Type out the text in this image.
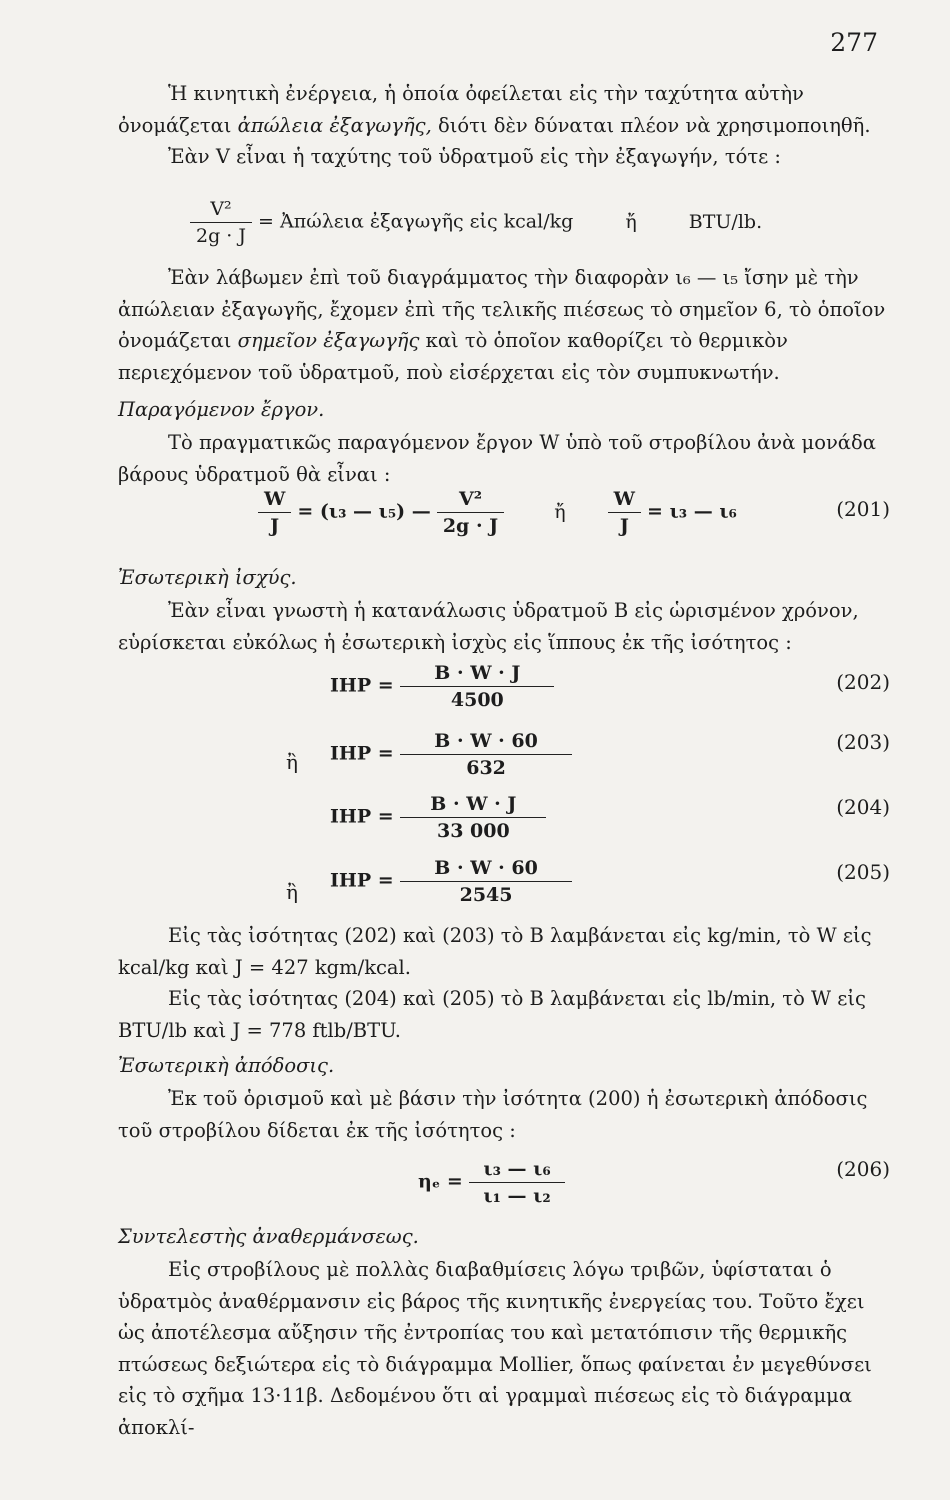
277

Ἡ κινητικὴ ἐνέργεια, ἡ ὁποία ὀφείλεται εἰς τὴν ταχύτητα αὐτὴν ὀνομάζεται ἀπώλεια ἐξαγωγῆς, διότι δὲν δύναται πλέον νὰ χρησιμοποιηθῆ.

Ἐὰν V εἶναι ἡ ταχύτης τοῦ ὑδρατμοῦ εἰς τὴν ἐξαγωγήν, τότε :

$\frac{\text{V²}}{2g \cdot J}$ = Ἀπώλεια ἐξαγωγῆς εἰς kcal/kg	ἤ	BTU/lb.

Ἐὰν λάβωμεν ἐπὶ τοῦ διαγράμματος τὴν διαφορὰν ι₆ — ι₅ ἴσην μὲ τὴν ἀπώλειαν ἐξαγωγῆς, ἔχομεν ἐπὶ τῆς τελικῆς πιέσεως τὸ σημεῖον 6, τὸ ὁποῖον ὀνομάζεται σημεῖον ἐξαγωγῆς καὶ τὸ ὁποῖον καθορίζει τὸ θερμικὸν περιεχόμενον τοῦ ὑδρατμοῦ, ποὺ εἰσέρχεται εἰς τὸν συμπυκνωτήν.

Παραγόμενον ἔργον.

Τὸ πραγματικῶς παραγόμενον ἔργον W ὑπὸ τοῦ στροβίλου ἀνὰ μονάδα βάρους ὑδρατμοῦ θὰ εἶναι :

$\frac{W}{J} = (\iota_3$ — ι₅) — $\frac{\text{V²}}{2g \cdot J}$	ἤ $\frac{W}{J} = \iota_3$ — ι₆	(201)

Ἐσωτερικὴ ἰσχύς.

Ἐὰν εἶναι γνωστὴ ἡ κατανάλωσις ὑδρατμοῦ B εἰς ὡρισμένον χρόνον, εὑρίσκεται εὐκόλως ἡ ἐσωτερικὴ ἰσχὺς εἰς ἵππους ἐκ τῆς ἰσότητος :

IHP = $\frac{B \cdot W \cdot J}{4500}$	(202)
ἢ IHP = $\frac{B \cdot W \cdot 60}{632}$	(203)
IHP = $\frac{B \cdot W \cdot J}{33 000}$	(204)
ἢ IHP = $\frac{B \cdot W \cdot 60}{2545}$	(205)

Εἰς τὰς ἰσότητας (202) καὶ (203) τὸ B λαμβάνεται εἰς kg/min, τὸ W εἰς kcal/kg καὶ J = 427 kgm/kcal.

Εἰς τὰς ἰσότητας (204) καὶ (205) τὸ B λαμβάνεται εἰς lb/min, τὸ W εἰς BTU/lb καὶ J = 778 ftlb/BTU.

Ἐσωτερικὴ ἀπόδοσις.

Ἐκ τοῦ ὁρισμοῦ καὶ μὲ βάσιν τὴν ἰσότητα (200) ἡ ἐσωτερικὴ ἀπόδοσις τοῦ στροβίλου δίδεται ἐκ τῆς ἰσότητος :

$\eta_e = \frac{\text{ι₃ — ι₆}}{\text{ι₁ — ι₂}}$	(206)

Συντελεστὴς ἀναθερμάνσεως.

Εἰς στροβίλους μὲ πολλὰς διαβαθμίσεις λόγω τριβῶν, ὑφίσταται ὁ ὑδρατμὸς ἀναθέρμανσιν εἰς βάρος τῆς κινητικῆς ἐνεργείας του. Τοῦτο ἔχει ὡς ἀποτέλεσμα αὔξησιν τῆς ἐντροπίας του καὶ μετατόπισιν τῆς θερμικῆς πτώσεως δεξιώτερα εἰς τὸ διάγραμμα Mollier, ὅπως φαίνεται ἐν μεγεθύνσει εἰς τὸ σχῆμα 13·11β. Δεδομένου ὅτι αἱ γραμμαὶ πιέσεως εἰς τὸ διάγραμμα ἀποκλί-
